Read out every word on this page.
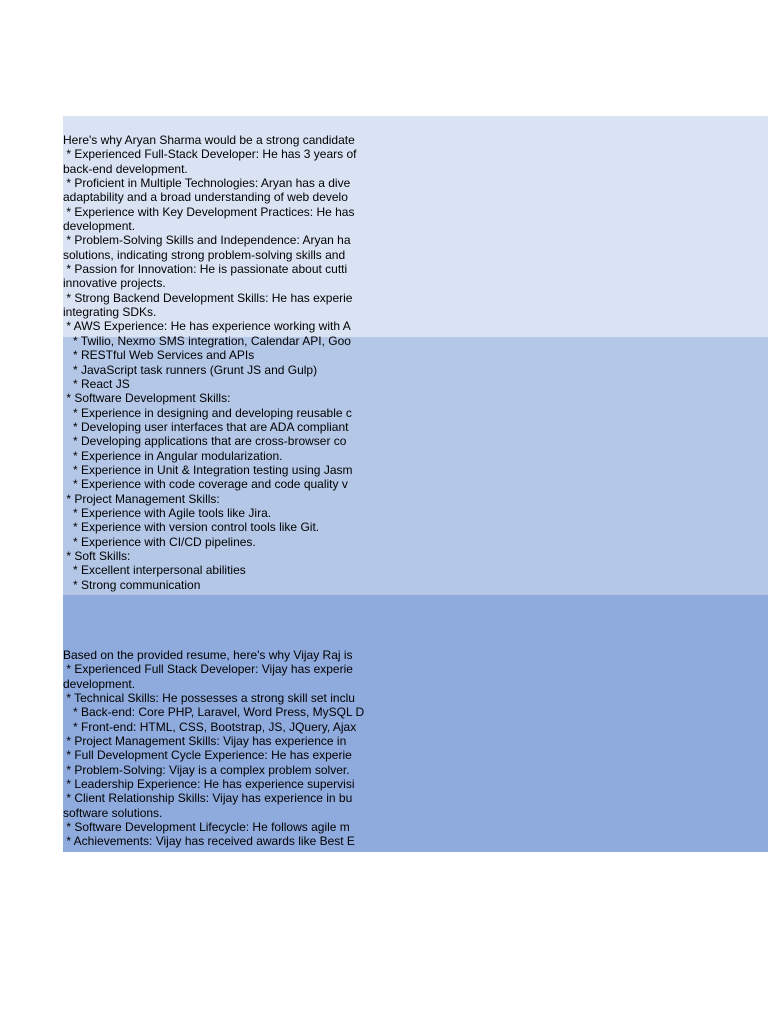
Here's why Aryan Sharma would be a strong candidate
* Experienced Full-Stack Developer: He has 3 years of
back-end development.
* Proficient in Multiple Technologies: Aryan has a dive
adaptability and a broad understanding of web develo
* Experience with Key Development Practices: He has
development.
* Problem-Solving Skills and Independence: Aryan ha
solutions, indicating strong problem-solving skills and
* Passion for Innovation: He is passionate about cutti
innovative projects.
* Strong Backend Development Skills: He has experie
integrating SDKs.
* AWS Experience: He has experience working with A
* Twilio, Nexmo SMS integration, Calendar API, Goo
* RESTful Web Services and APIs
* JavaScript task runners (Grunt JS and Gulp)
* React JS
* Software Development Skills:
* Experience in designing and developing reusable c
* Developing user interfaces that are ADA compliant
* Developing applications that are cross-browser co
* Experience in Angular modularization.
* Experience in Unit & Integration testing using Jasm
* Experience with code coverage and code quality v
* Project Management Skills:
* Experience with Agile tools like Jira.
* Experience with version control tools like Git.
* Experience with CI/CD pipelines.
* Soft Skills:
* Excellent interpersonal abilities
* Strong communication
Based on the provided resume, here's why Vijay Raj is
* Experienced Full Stack Developer: Vijay has experie
development.
* Technical Skills: He possesses a strong skill set inclu
* Back-end: Core PHP, Laravel, Word Press, MySQL D
* Front-end: HTML, CSS, Bootstrap, JS, JQuery, Ajax
* Project Management Skills: Vijay has experience in
* Full Development Cycle Experience: He has experie
* Problem-Solving: Vijay is a complex problem solver.
* Leadership Experience: He has experience supervisi
* Client Relationship Skills: Vijay has experience in bu
software solutions.
* Software Development Lifecycle: He follows agile m
* Achievements: Vijay has received awards like Best E
